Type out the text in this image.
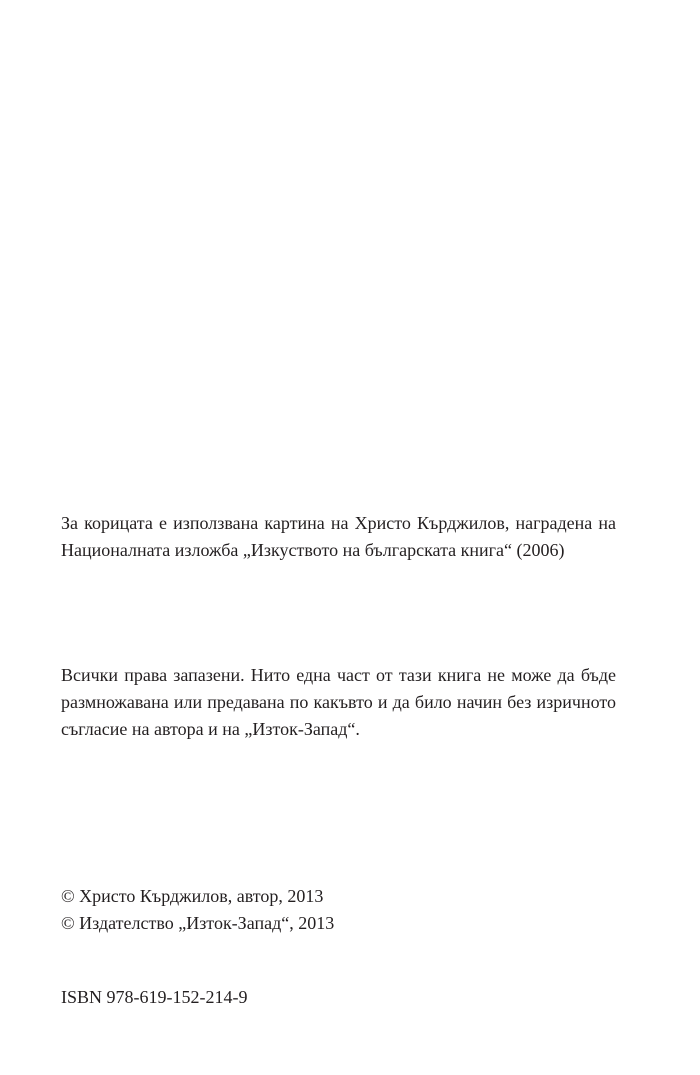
За корицата е използвана картина на Христо Кърджилов, наградена на Националната изложба „Изкуството на българската книга“ (2006)

Всички права запазени. Нито една част от тази книга не може да бъде размножавана или предавана по какъвто и да било начин без изричното съгласие на автора и на „Изток-Запад“.

© Христо Кърджилов, автор, 2013
© Издателство „Изток-Запад“, 2013
ISBN 978-619-152-214-9
